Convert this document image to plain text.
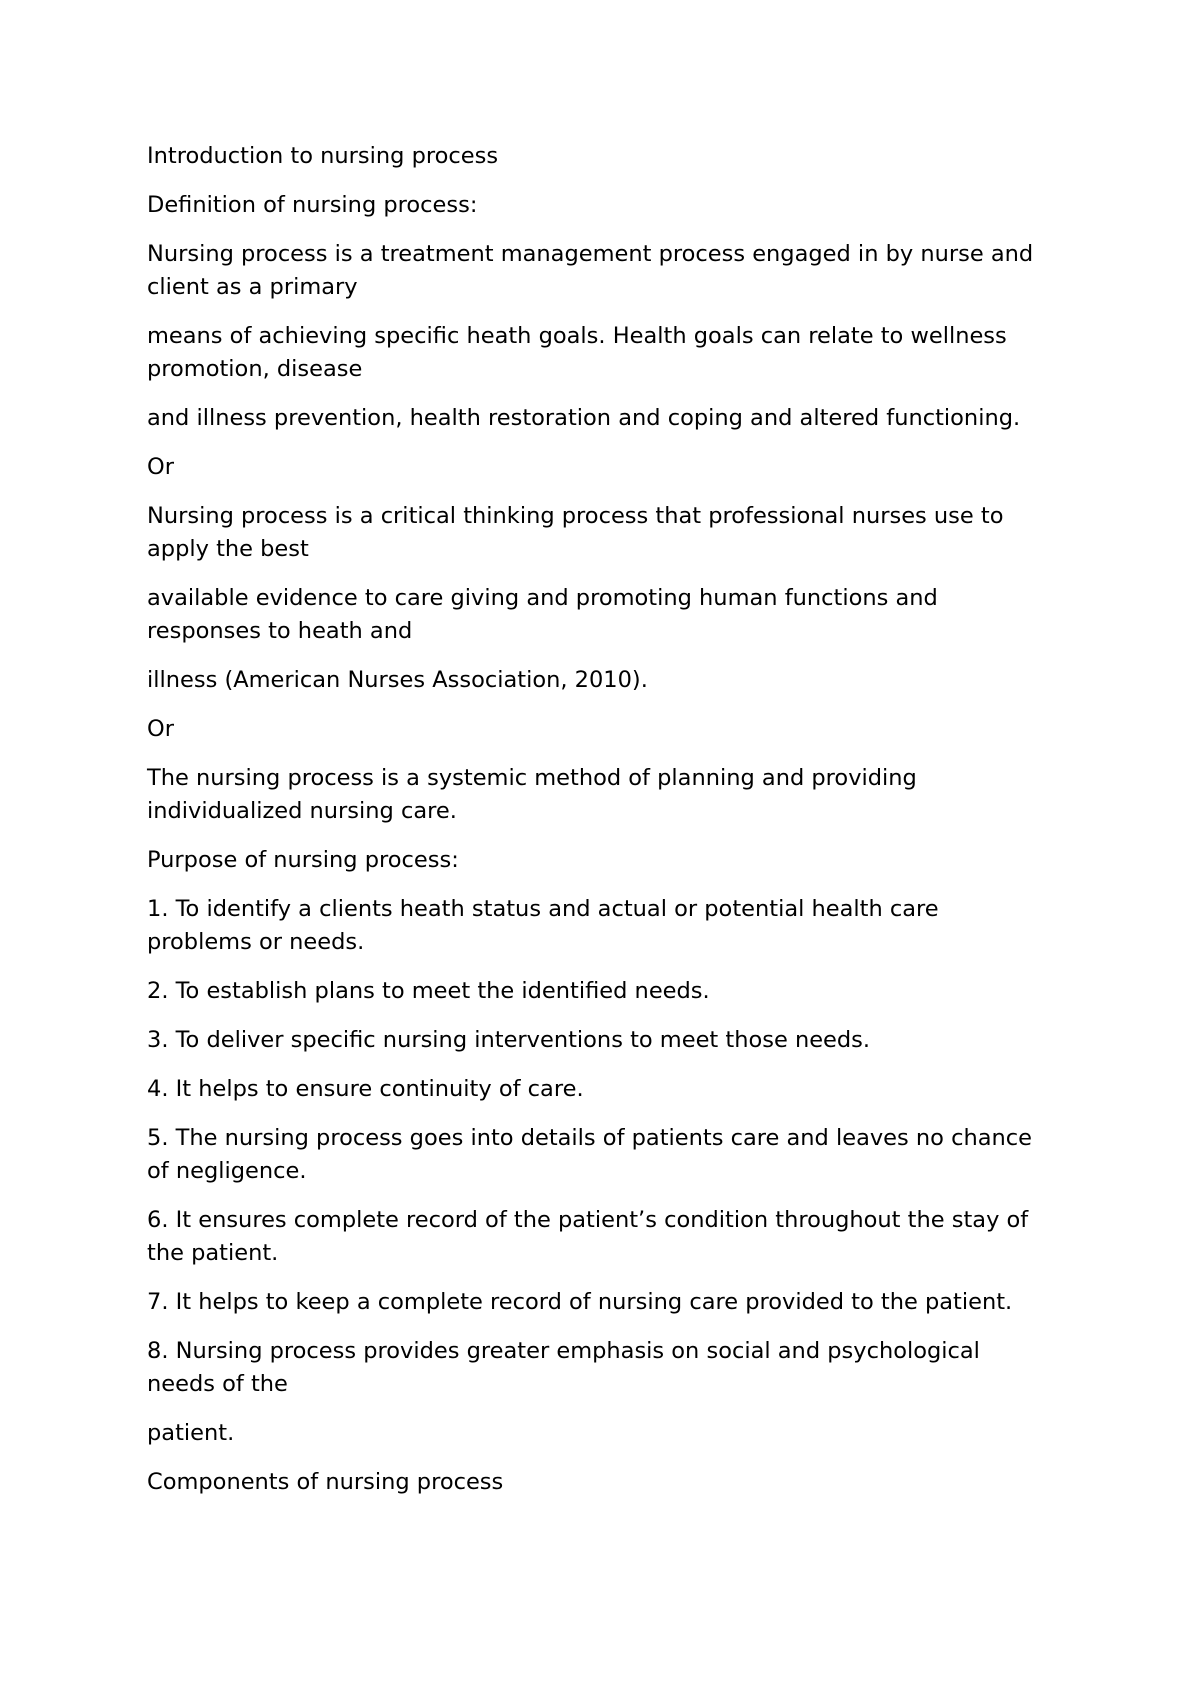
Introduction to nursing process

Definition of nursing process:

Nursing process is a treatment management process engaged in by nurse and client as a primary

means of achieving specific heath goals. Health goals can relate to wellness promotion, disease

and illness prevention, health restoration and coping and altered functioning.

Or

Nursing process is a critical thinking process that professional nurses use to apply the best

available evidence to care giving and promoting human functions and responses to heath and

illness (American Nurses Association, 2010).

Or

The nursing process is a systemic method of planning and providing individualized nursing care.

Purpose of nursing process:

1. To identify a clients heath status and actual or potential health care problems or needs.

2. To establish plans to meet the identified needs.

3. To deliver specific nursing interventions to meet those needs.

4. It helps to ensure continuity of care.

5. The nursing process goes into details of patients care and leaves no chance of negligence.

6. It ensures complete record of the patient’s condition throughout the stay of the patient.

7. It helps to keep a complete record of nursing care provided to the patient.

8. Nursing process provides greater emphasis on social and psychological needs of the

patient.

Components of nursing process
